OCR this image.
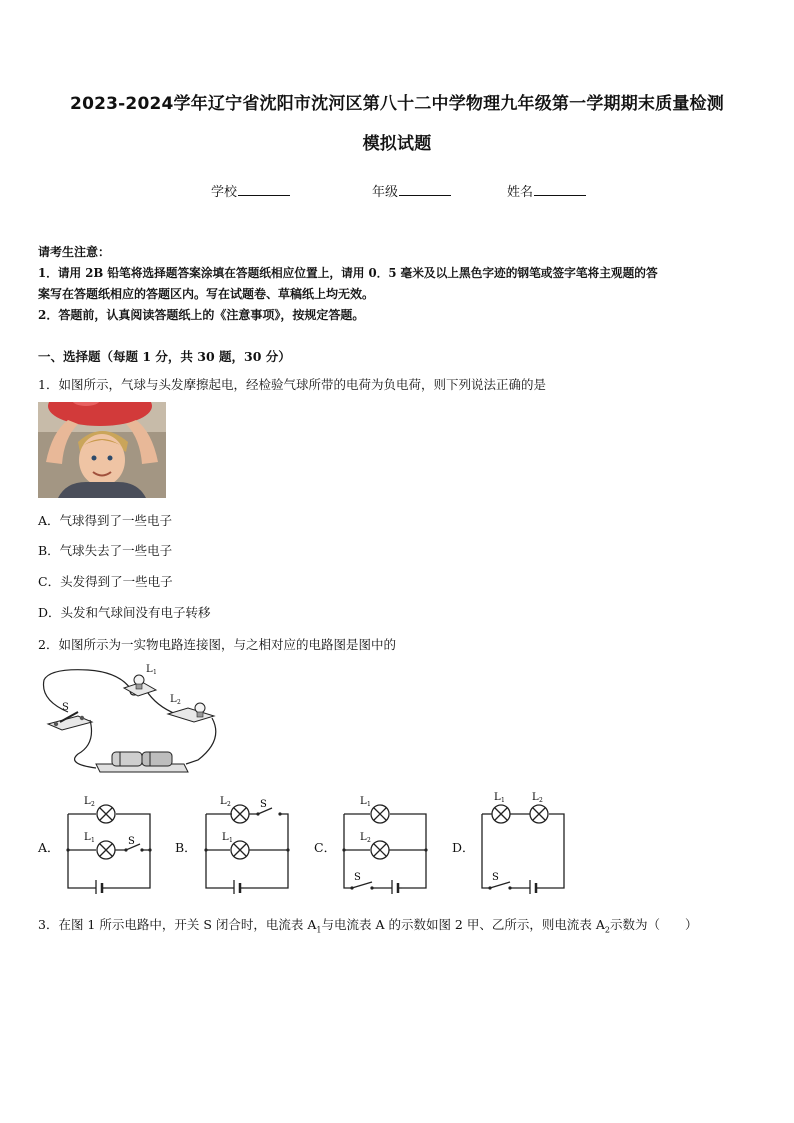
2023-2024学年辽宁省沈阳市沈河区第八十二中学物理九年级第一学期期末质量检测
模拟试题
学校	年级	姓名
请考生注意：
1．请用 2B 铅笔将选择题答案涂填在答题纸相应位置上，请用 0．5 毫米及以上黑色字迹的钢笔或签字笔将主观题的答
案写在答题纸相应的答题区内。写在试题卷、草稿纸上均无效。
2．答题前，认真阅读答题纸上的《注意事项》，按规定答题。
一、选择题（每题 1 分，共 30 题，30 分）
1．如图所示，气球与头发摩擦起电，经检验气球所带的电荷为负电荷，则下列说法正确的是
A．气球得到了一些电子
B．气球失去了一些电子
C．头发得到了一些电子
D．头发和气球间没有电子转移
2．如图所示为一实物电路连接图，与之相对应的电路图是图中的
L 1
L 2
S
A．
L 2
L 1	S	B．
L 2	S
L 1	C．
L 1
L 2
S
D．
L 1	L 2
S
3．在图 1 所示电路中，开关 S 闭合时，电流表 $A_1$与电流表 A 的示数如图 2 甲、乙所示，则电流表 $A_2$示数为（　　）
